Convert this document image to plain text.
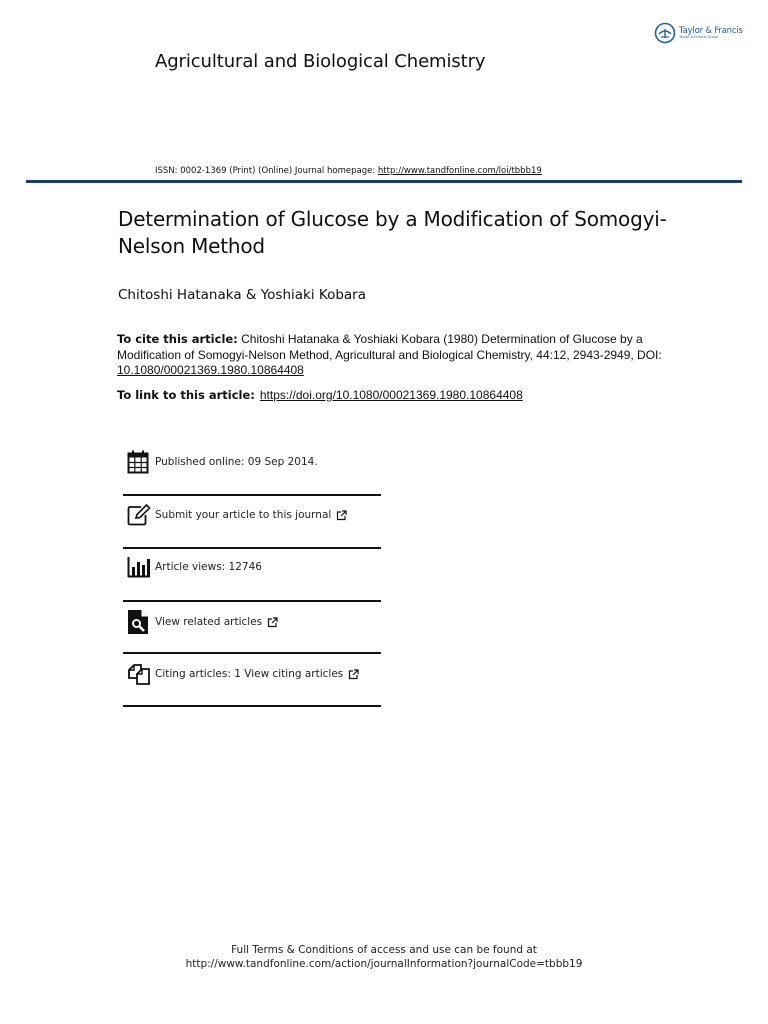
Taylor & Francis
Taylor & Francis Group
Agricultural and Biological Chemistry
ISSN: 0002-1369 (Print) (Online) Journal homepage: http://www.tandfonline.com/loi/tbbb19
Determination of Glucose by a Modification of Somogyi-Nelson Method
Chitoshi Hatanaka & Yoshiaki Kobara
To cite this article: Chitoshi Hatanaka & Yoshiaki Kobara (1980) Determination of Glucose by a Modification of Somogyi-Nelson Method, Agricultural and Biological Chemistry, 44:12, 2943-2949, DOI: 10.1080/00021369.1980.10864408
To link to this article: https://doi.org/10.1080/00021369.1980.10864408
Published online: 09 Sep 2014.
Submit your article to this journal
Article views: 12746
View related articles
Citing articles: 1 View citing articles
Full Terms & Conditions of access and use can be found at
http://www.tandfonline.com/action/journalInformation?journalCode=tbbb19
